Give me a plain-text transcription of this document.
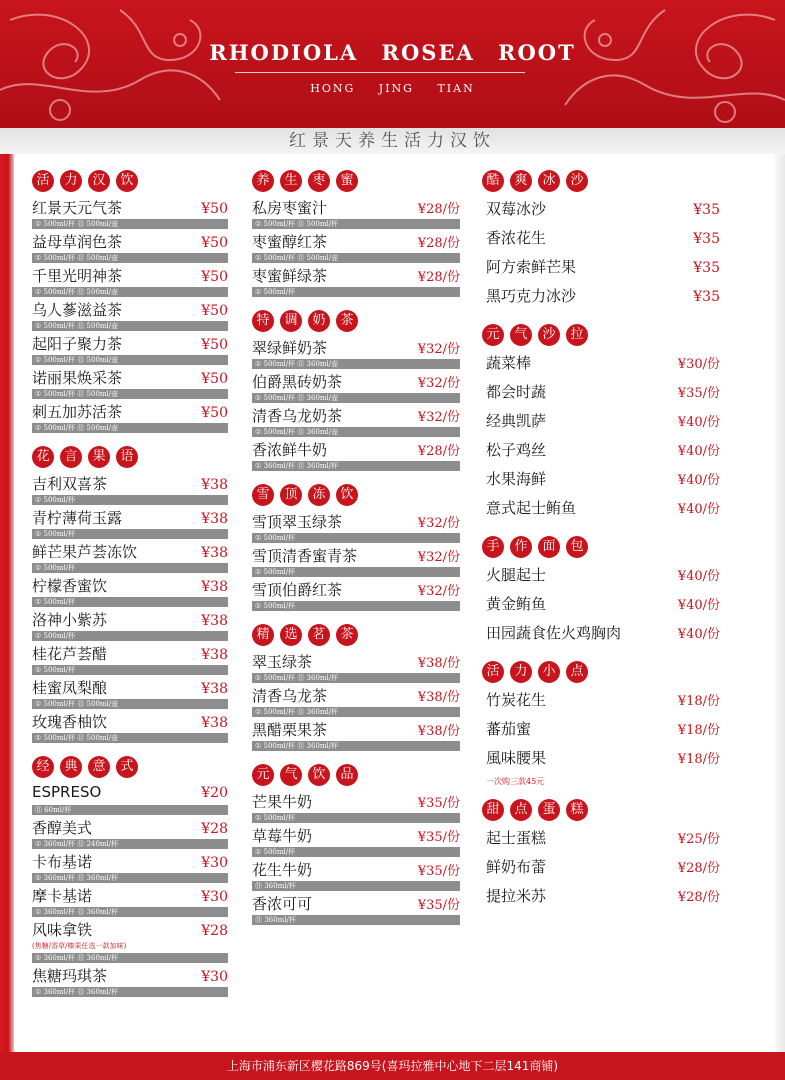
RHODIOLA ROSEA ROOT
HONG JING TIAN
红景天养生活力汉饮
活	力	汉	饮
红景天元气茶	¥50
① 500ml/杯 ⑪ 500ml/壶
益母草润色茶	¥50
① 500ml/杯 ⑪ 500ml/壶
千里光明神茶	¥50
① 500ml/杯 ⑪ 500ml/壶
乌人蔘滋益茶	¥50
① 500ml/杯 ⑪ 500ml/壶
起阳子聚力茶	¥50
① 500ml/杯 ⑪ 500ml/壶
诺丽果焕采茶	¥50
① 500ml/杯 ⑪ 500ml/壶
刺五加苏活茶	¥50
① 500ml/杯 ⑪ 500ml/壶
花	言	果	语
吉利双喜茶	¥38
① 500ml/杯
青柠薄荷玉露	¥38
① 500ml/杯
鲜芒果芦荟冻饮	¥38
① 500ml/杯
柠檬香蜜饮	¥38
① 500ml/杯
洛神小紫苏	¥38
① 500ml/杯
桂花芦荟醋	¥38
① 500ml/杯
桂蜜凤梨酿	¥38
① 500ml/杯 ⑪ 500ml/壶
玫瑰香柚饮	¥38
① 500ml/杯 ⑪ 500ml/壶
经	典	意	式
ESPRESO	¥20
⑪ 60ml/杯
香醇美式	¥28
① 360ml/杯 ⑪ 240ml/杯
卡布基诺	¥30
① 360ml/杯 ⑪ 360ml/杯
摩卡基诺	¥30
① 360ml/杯 ⑪ 360ml/杯
风味拿铁	¥28
(焦糖/香草/榛果任选一款加味)
① 360ml/杯 ⑪ 360ml/杯
焦糖玛琪茶	¥30
① 360ml/杯 ⑪ 360ml/杯
养	生	枣	蜜
私房枣蜜汁	¥28/份
① 500ml/杯 ⑪ 500ml/杯
枣蜜醇红茶	¥28/份
① 500ml/杯 ⑪ 500ml/壶
枣蜜鲜绿茶	¥28/份
① 500ml/杯
特	调	奶	茶
翠绿鲜奶茶	¥32/份
① 500ml/杯 ⑪ 360ml/壶
伯爵黑砖奶茶	¥32/份
① 500ml/杯 ⑪ 360ml/壶
清香乌龙奶茶	¥32/份
① 500ml/杯 ⑪ 360ml/壶
香浓鲜牛奶	¥28/份
① 360ml/杯 ⑪ 360ml/杯
雪	顶	冻	饮
雪顶翠玉绿茶	¥32/份
① 500ml/杯
雪顶清香蜜青茶	¥32/份
① 500ml/杯
雪顶伯爵红茶	¥32/份
① 500ml/杯
精	选	茗	茶
翠玉绿茶	¥38/份
① 500ml/杯 ⑪ 360ml/杯
清香乌龙茶	¥38/份
① 500ml/杯 ⑪ 360ml/杯
黑醋栗果茶	¥38/份
① 500ml/杯 ⑪ 360ml/杯
元	气	饮	品
芒果牛奶	¥35/份
① 500ml/杯
草莓牛奶	¥35/份
① 500ml/杯
花生牛奶	¥35/份
⑪ 360ml/杯
香浓可可	¥35/份
⑪ 360ml/杯
酷	爽	冰	沙
双莓冰沙	¥35
香浓花生	¥35
阿方索鲜芒果	¥35
黑巧克力冰沙	¥35
元	气	沙	拉
蔬菜棒	¥30/份
都会时蔬	¥35/份
经典凯萨	¥40/份
松子鸡丝	¥40/份
水果海鲜	¥40/份
意式起士鲔鱼	¥40/份
手	作	面	包
火腿起士	¥40/份
黄金鲔鱼	¥40/份
田园蔬食佐火鸡胸肉	¥40/份
活	力	小	点
竹炭花生	¥18/份
蕃茄蜜	¥18/份
風味腰果	¥18/份
一次购三款45元
甜	点	蛋	糕
起士蛋糕	¥25/份
鲜奶布蕾	¥28/份
提拉米苏	¥28/份
上海市浦东新区樱花路869号(喜玛拉雅中心地下二层141商铺)
